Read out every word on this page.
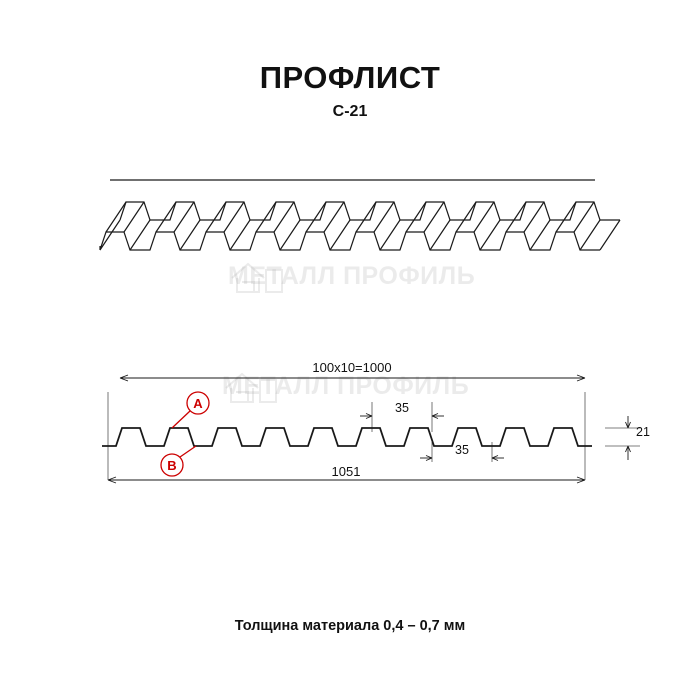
ПРОФЛИСТ
С-21
МЕТАЛЛ ПРОФИЛЬ
МЕТАЛЛ ПРОФИЛЬ
100х10=1000
35
35
21
1051
A
B
Толщина материала 0,4 – 0,7 мм
